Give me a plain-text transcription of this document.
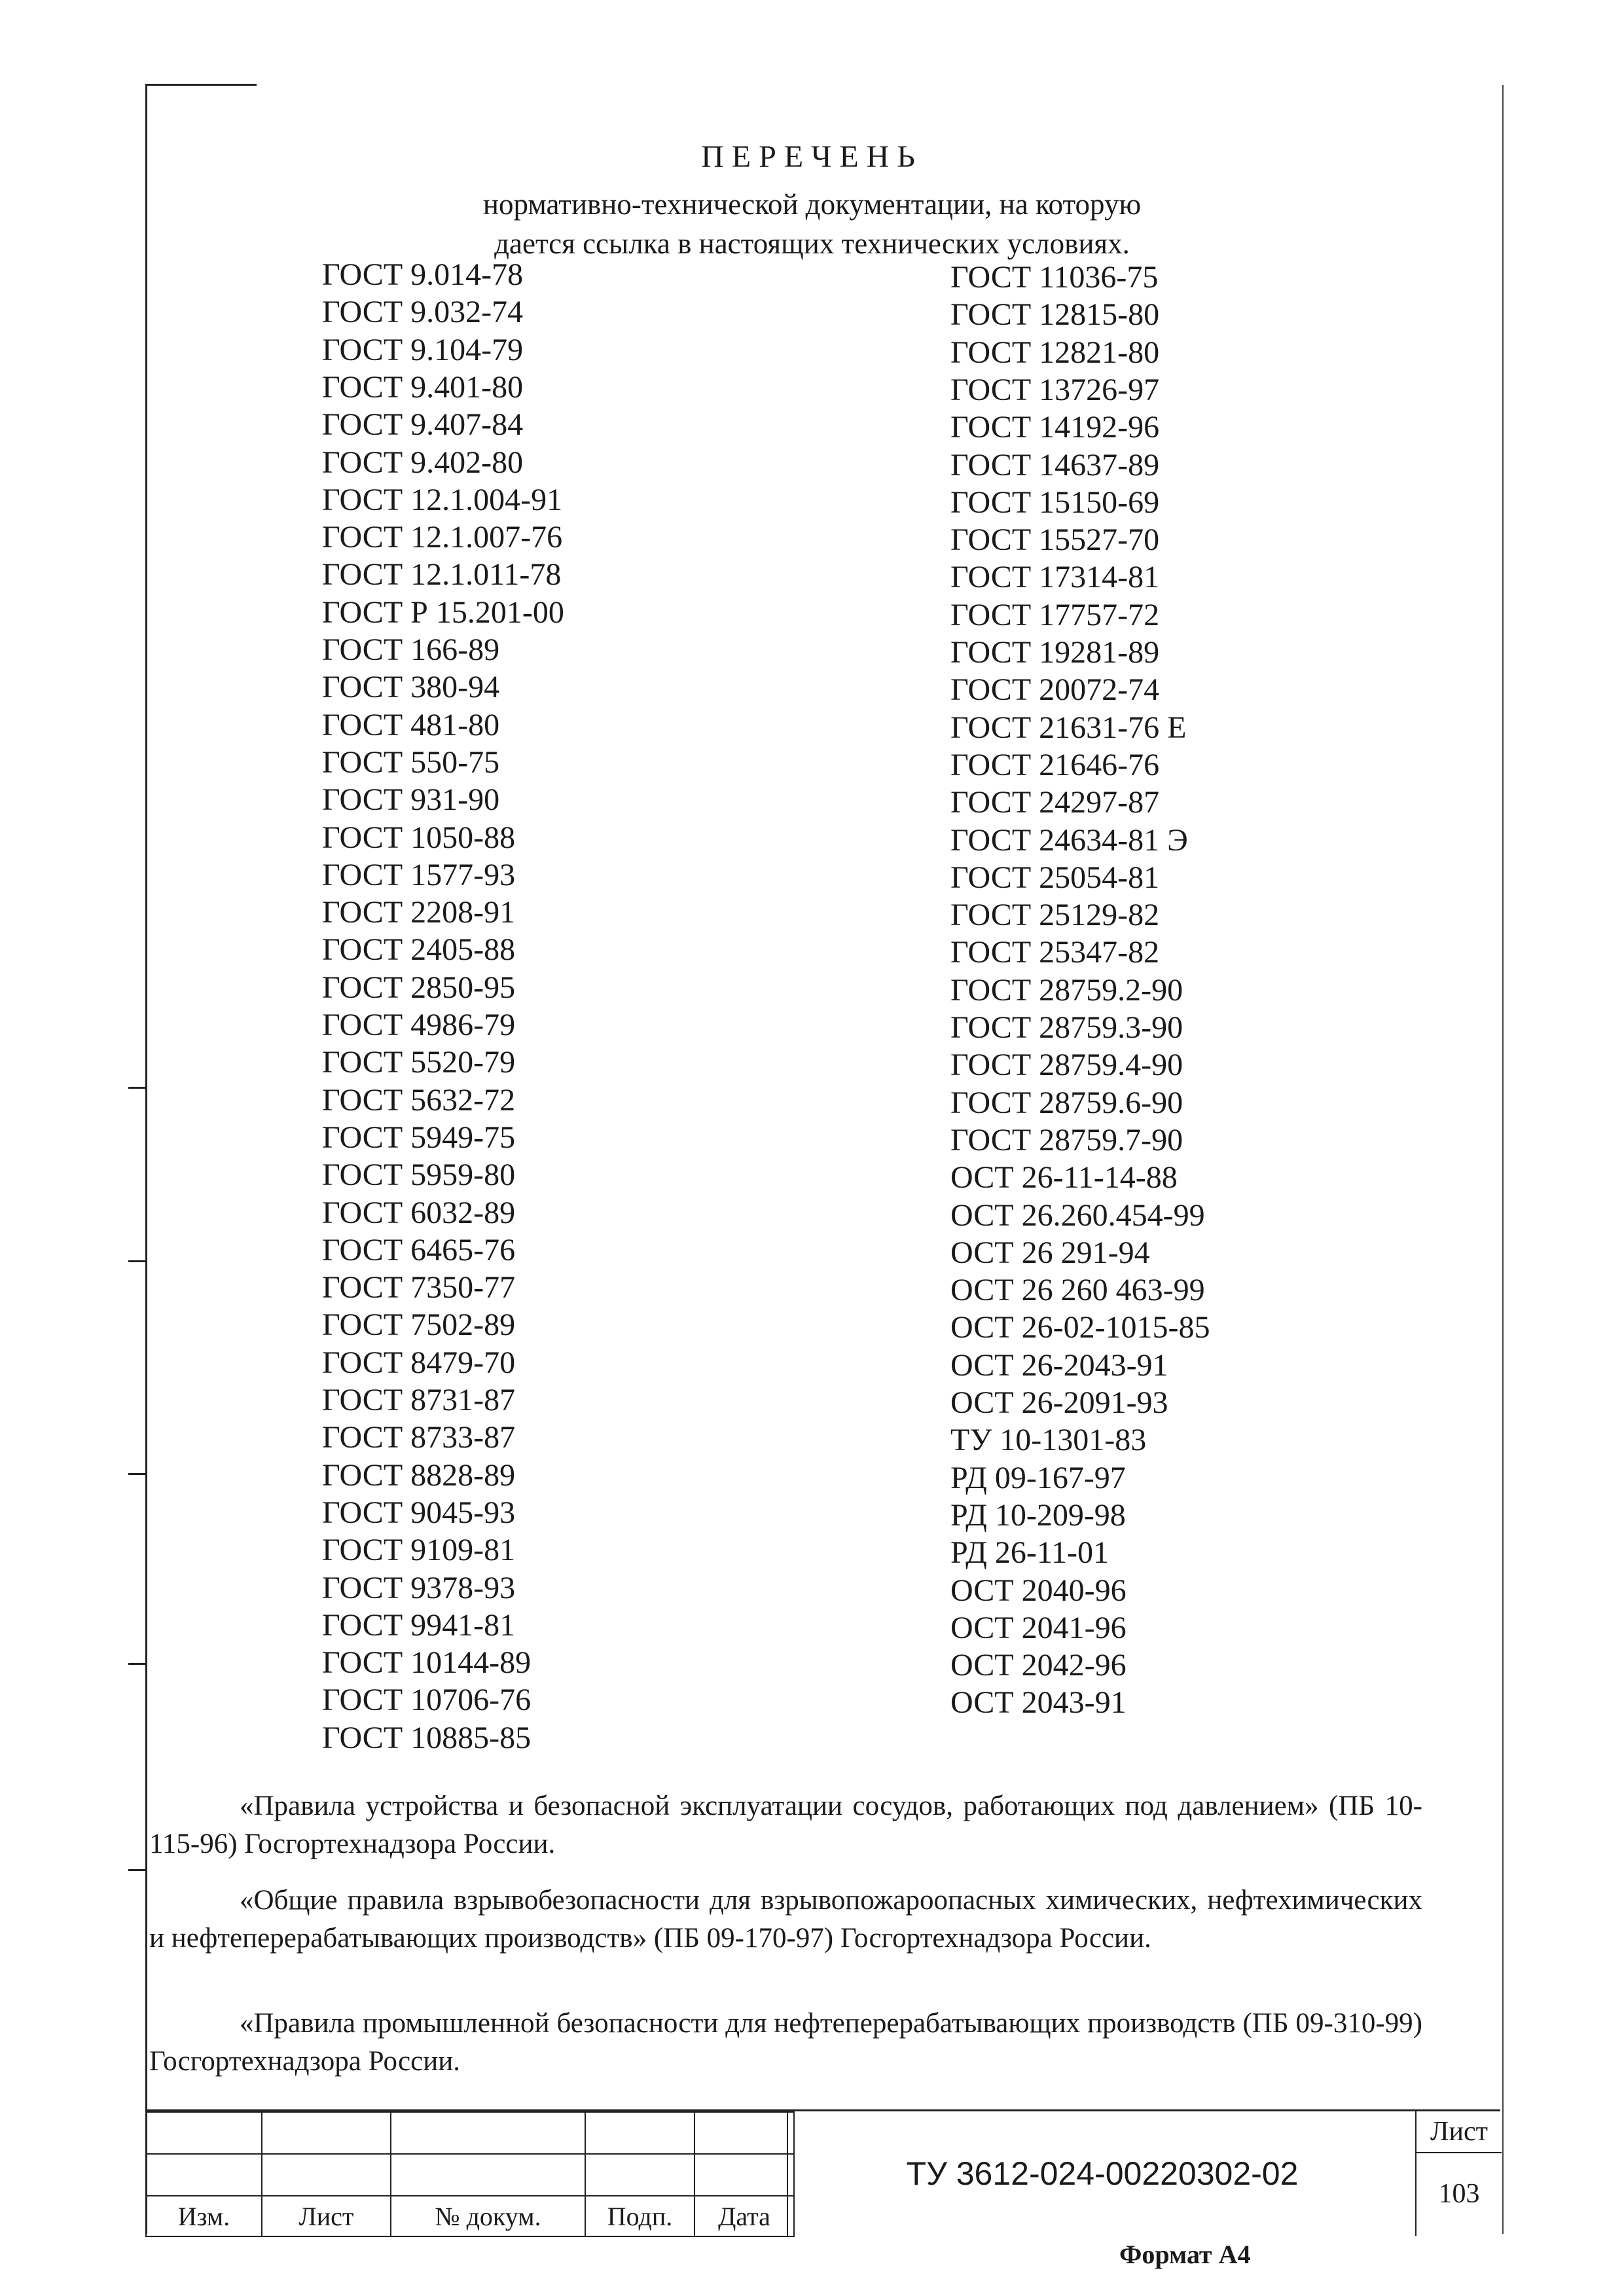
ПЕРЕЧЕНЬ
нормативно-технической документации, на которую
дается ссылка в настоящих технических условиях.
ГОСТ 9.014-78
ГОСТ 9.032-74
ГОСТ 9.104-79
ГОСТ 9.401-80
ГОСТ 9.407-84
ГОСТ 9.402-80
ГОСТ 12.1.004-91
ГОСТ 12.1.007-76
ГОСТ 12.1.011-78
ГОСТ Р 15.201-00
ГОСТ 166-89
ГОСТ 380-94
ГОСТ 481-80
ГОСТ 550-75
ГОСТ 931-90
ГОСТ 1050-88
ГОСТ 1577-93
ГОСТ 2208-91
ГОСТ 2405-88
ГОСТ 2850-95
ГОСТ 4986-79
ГОСТ 5520-79
ГОСТ 5632-72
ГОСТ 5949-75
ГОСТ 5959-80
ГОСТ 6032-89
ГОСТ 6465-76
ГОСТ 7350-77
ГОСТ 7502-89
ГОСТ 8479-70
ГОСТ 8731-87
ГОСТ 8733-87
ГОСТ 8828-89
ГОСТ 9045-93
ГОСТ 9109-81
ГОСТ 9378-93
ГОСТ 9941-81
ГОСТ 10144-89
ГОСТ 10706-76
ГОСТ 10885-85
ГОСТ 11036-75
ГОСТ 12815-80
ГОСТ 12821-80
ГОСТ 13726-97
ГОСТ 14192-96
ГОСТ 14637-89
ГОСТ 15150-69
ГОСТ 15527-70
ГОСТ 17314-81
ГОСТ 17757-72
ГОСТ 19281-89
ГОСТ 20072-74
ГОСТ 21631-76 Е
ГОСТ 21646-76
ГОСТ 24297-87
ГОСТ 24634-81 Э
ГОСТ 25054-81
ГОСТ 25129-82
ГОСТ 25347-82
ГОСТ 28759.2-90
ГОСТ 28759.3-90
ГОСТ 28759.4-90
ГОСТ 28759.6-90
ГОСТ 28759.7-90
ОСТ 26-11-14-88
ОСТ 26.260.454-99
ОСТ 26 291-94
ОСТ 26 260 463-99
ОСТ 26-02-1015-85
ОСТ 26-2043-91
ОСТ 26-2091-93
ТУ 10-1301-83
РД 09-167-97
РД 10-209-98
РД 26-11-01
ОСТ 2040-96
ОСТ 2041-96
ОСТ 2042-96
ОСТ 2043-91
«Правила устройства и безопасной эксплуатации сосудов, работающих под давлением» (ПБ 10-115-96) Госгортехнадзора России.
«Общие правила взрывобезопасности для взрывопожароопасных химических, нефтехимических и нефтеперерабатывающих производств» (ПБ 09-170-97) Госгортехнадзора России.
«Правила промышленной безопасности для нефтеперерабатывающих производств (ПБ 09-310-99) Госгортехнадзора России.

Изм.	Лист	№ докум.	Подп.	Дата
ТУ 3612-024-00220302-02
Лист
103
Формат А4
